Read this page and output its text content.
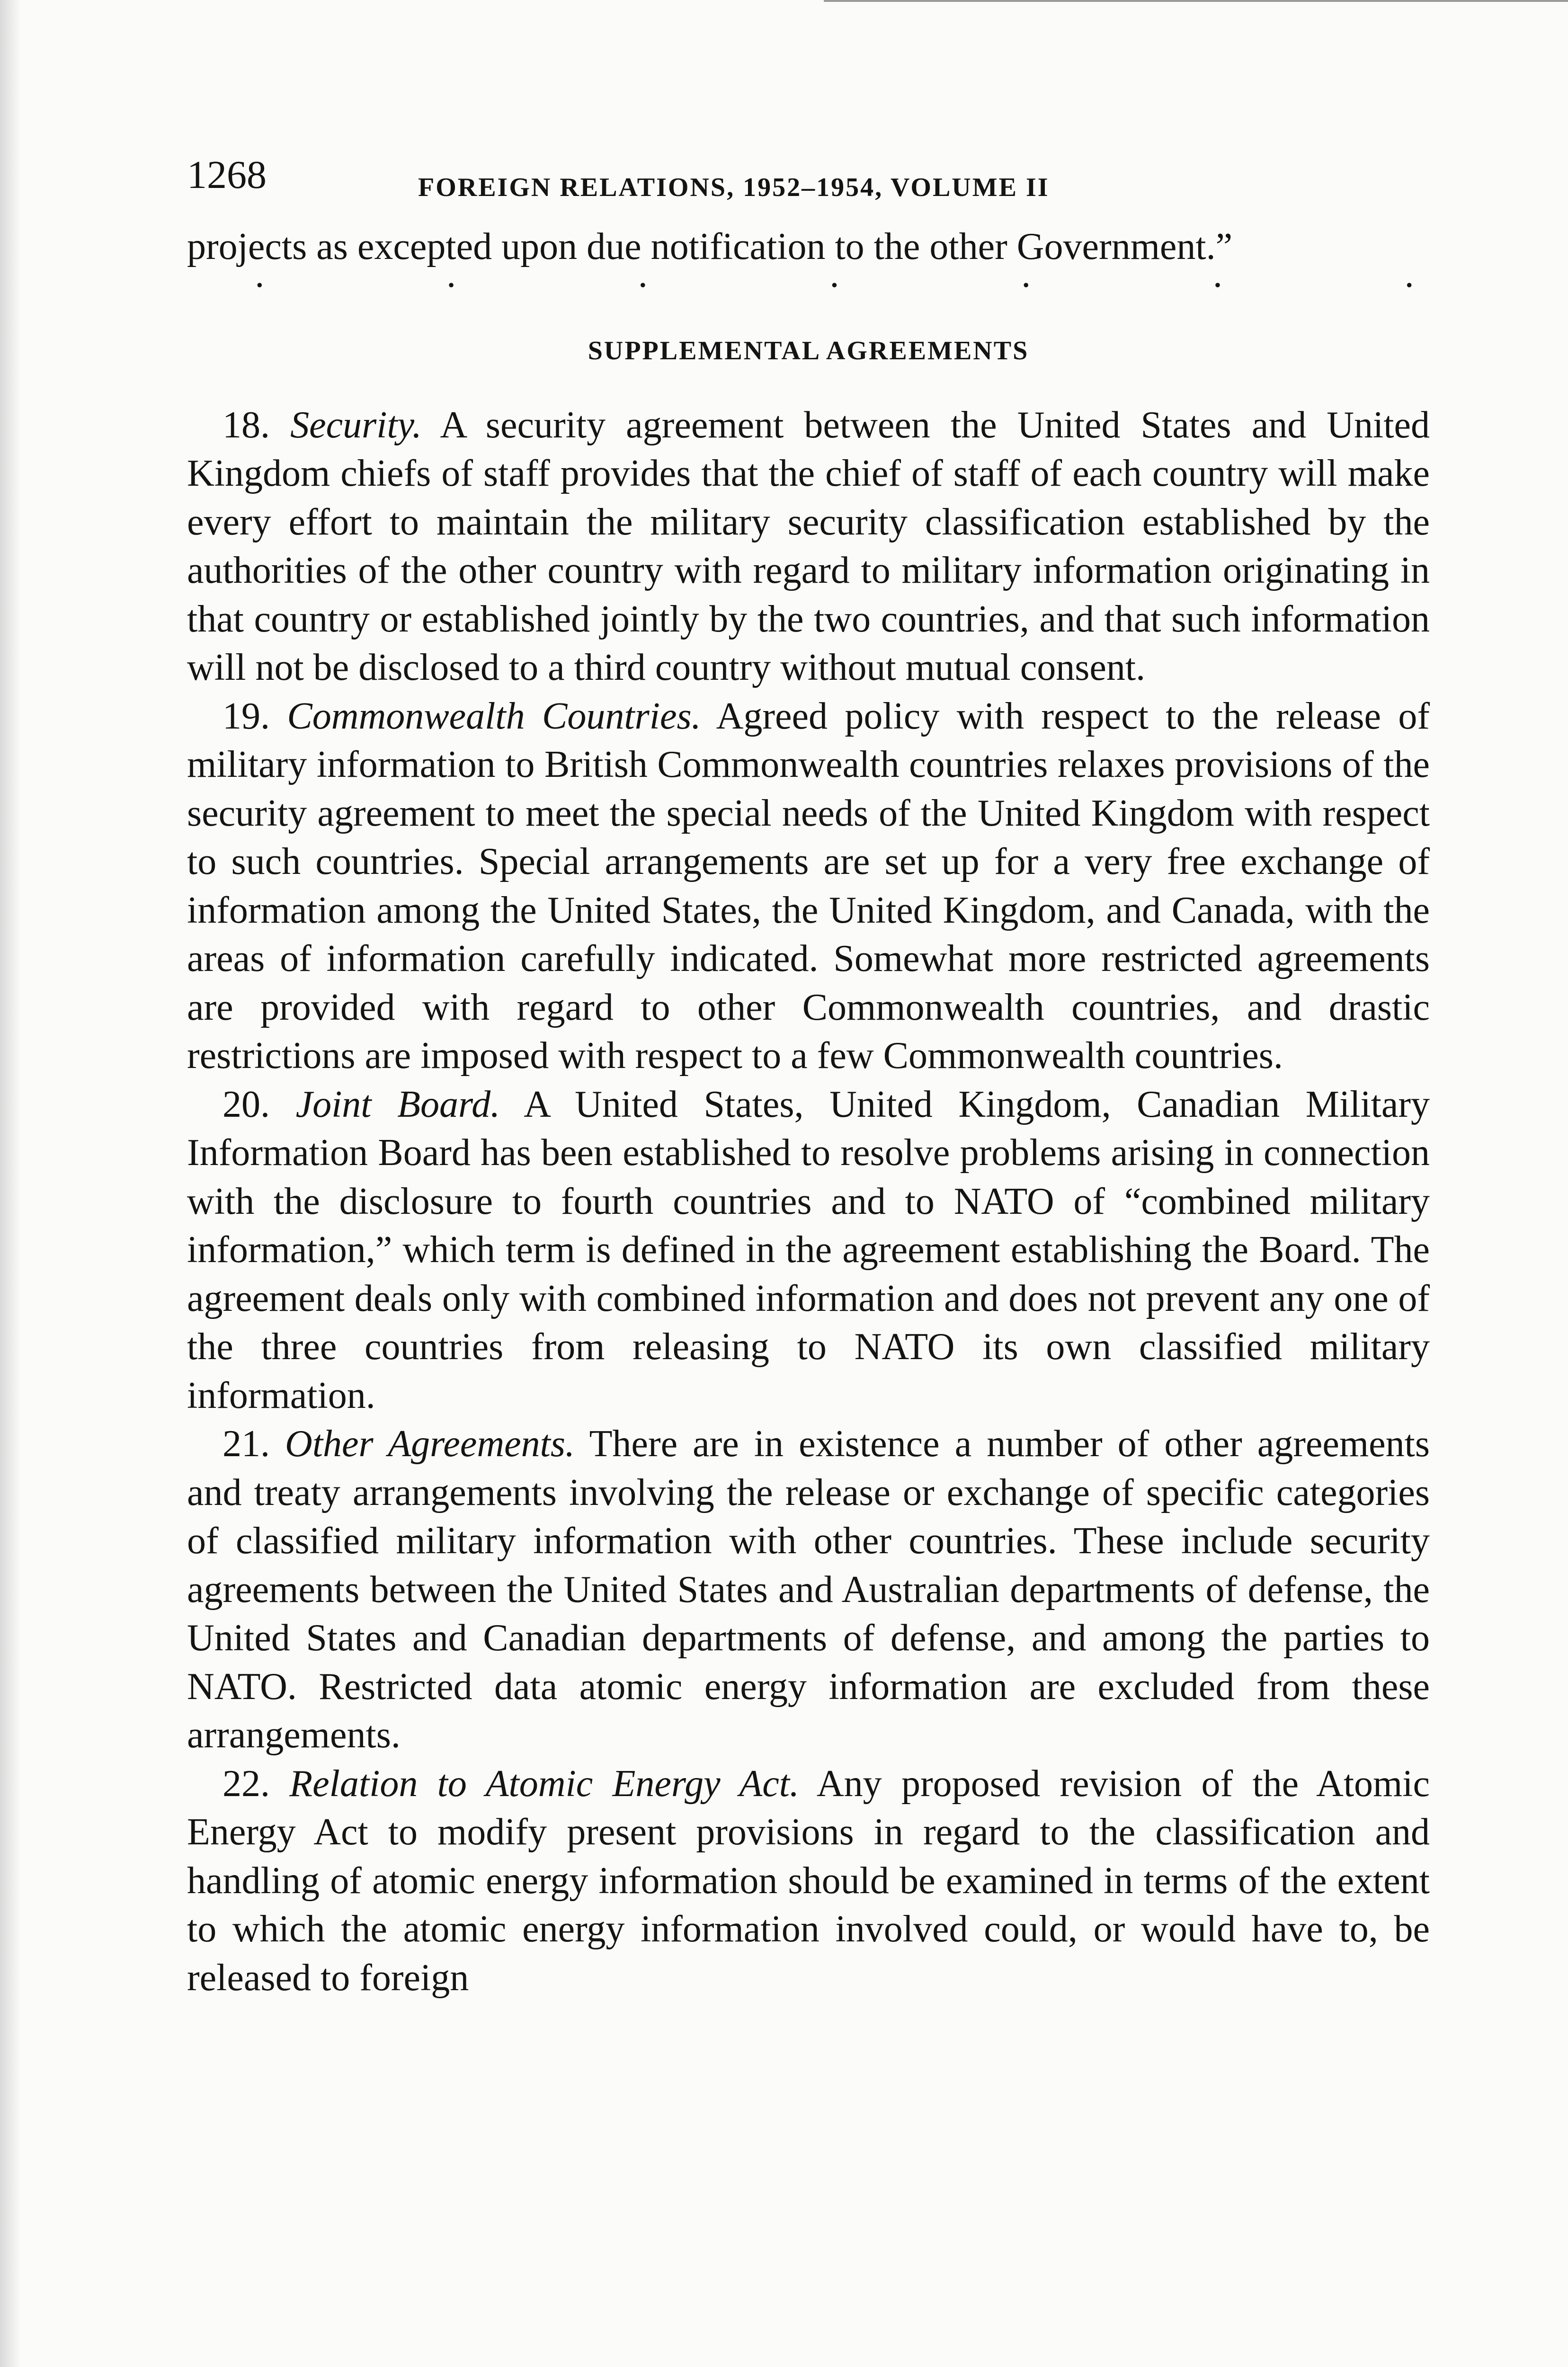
1268	FOREIGN RELATIONS, 1952–1954, VOLUME II

projects as excepted upon due notification to the other Government.”

·	·	·	·	·	·	·
SUPPLEMENTAL AGREEMENTS

18. Security. A security agreement between the United States and United Kingdom chiefs of staff provides that the chief of staff of each country will make every effort to maintain the military security classification established by the authorities of the other country with regard to military information originating in that country or established jointly by the two countries, and that such information will not be disclosed to a third country without mutual consent.

19. Commonwealth Countries. Agreed policy with respect to the release of military information to British Commonwealth countries relaxes provisions of the security agreement to meet the special needs of the United Kingdom with respect to such countries. Special arrangements are set up for a very free exchange of information among the United States, the United Kingdom, and Canada, with the areas of information carefully indicated. Somewhat more restricted agreements are provided with regard to other Commonwealth countries, and drastic restrictions are imposed with respect to a few Commonwealth countries.

20. Joint Board. A United States, United Kingdom, Canadian Military Information Board has been established to resolve problems arising in connection with the disclosure to fourth countries and to NATO of “combined military information,” which term is defined in the agreement establishing the Board. The agreement deals only with combined information and does not prevent any one of the three countries from releasing to NATO its own classified military information.

21. Other Agreements. There are in existence a number of other agreements and treaty arrangements involving the release or exchange of specific categories of classified military information with other countries. These include security agreements between the United States and Australian departments of defense, the United States and Canadian departments of defense, and among the parties to NATO. Restricted data atomic energy information are excluded from these arrangements.

22. Relation to Atomic Energy Act. Any proposed revision of the Atomic Energy Act to modify present provisions in regard to the classification and handling of atomic energy information should be examined in terms of the extent to which the atomic energy information involved could, or would have to, be released to foreign
